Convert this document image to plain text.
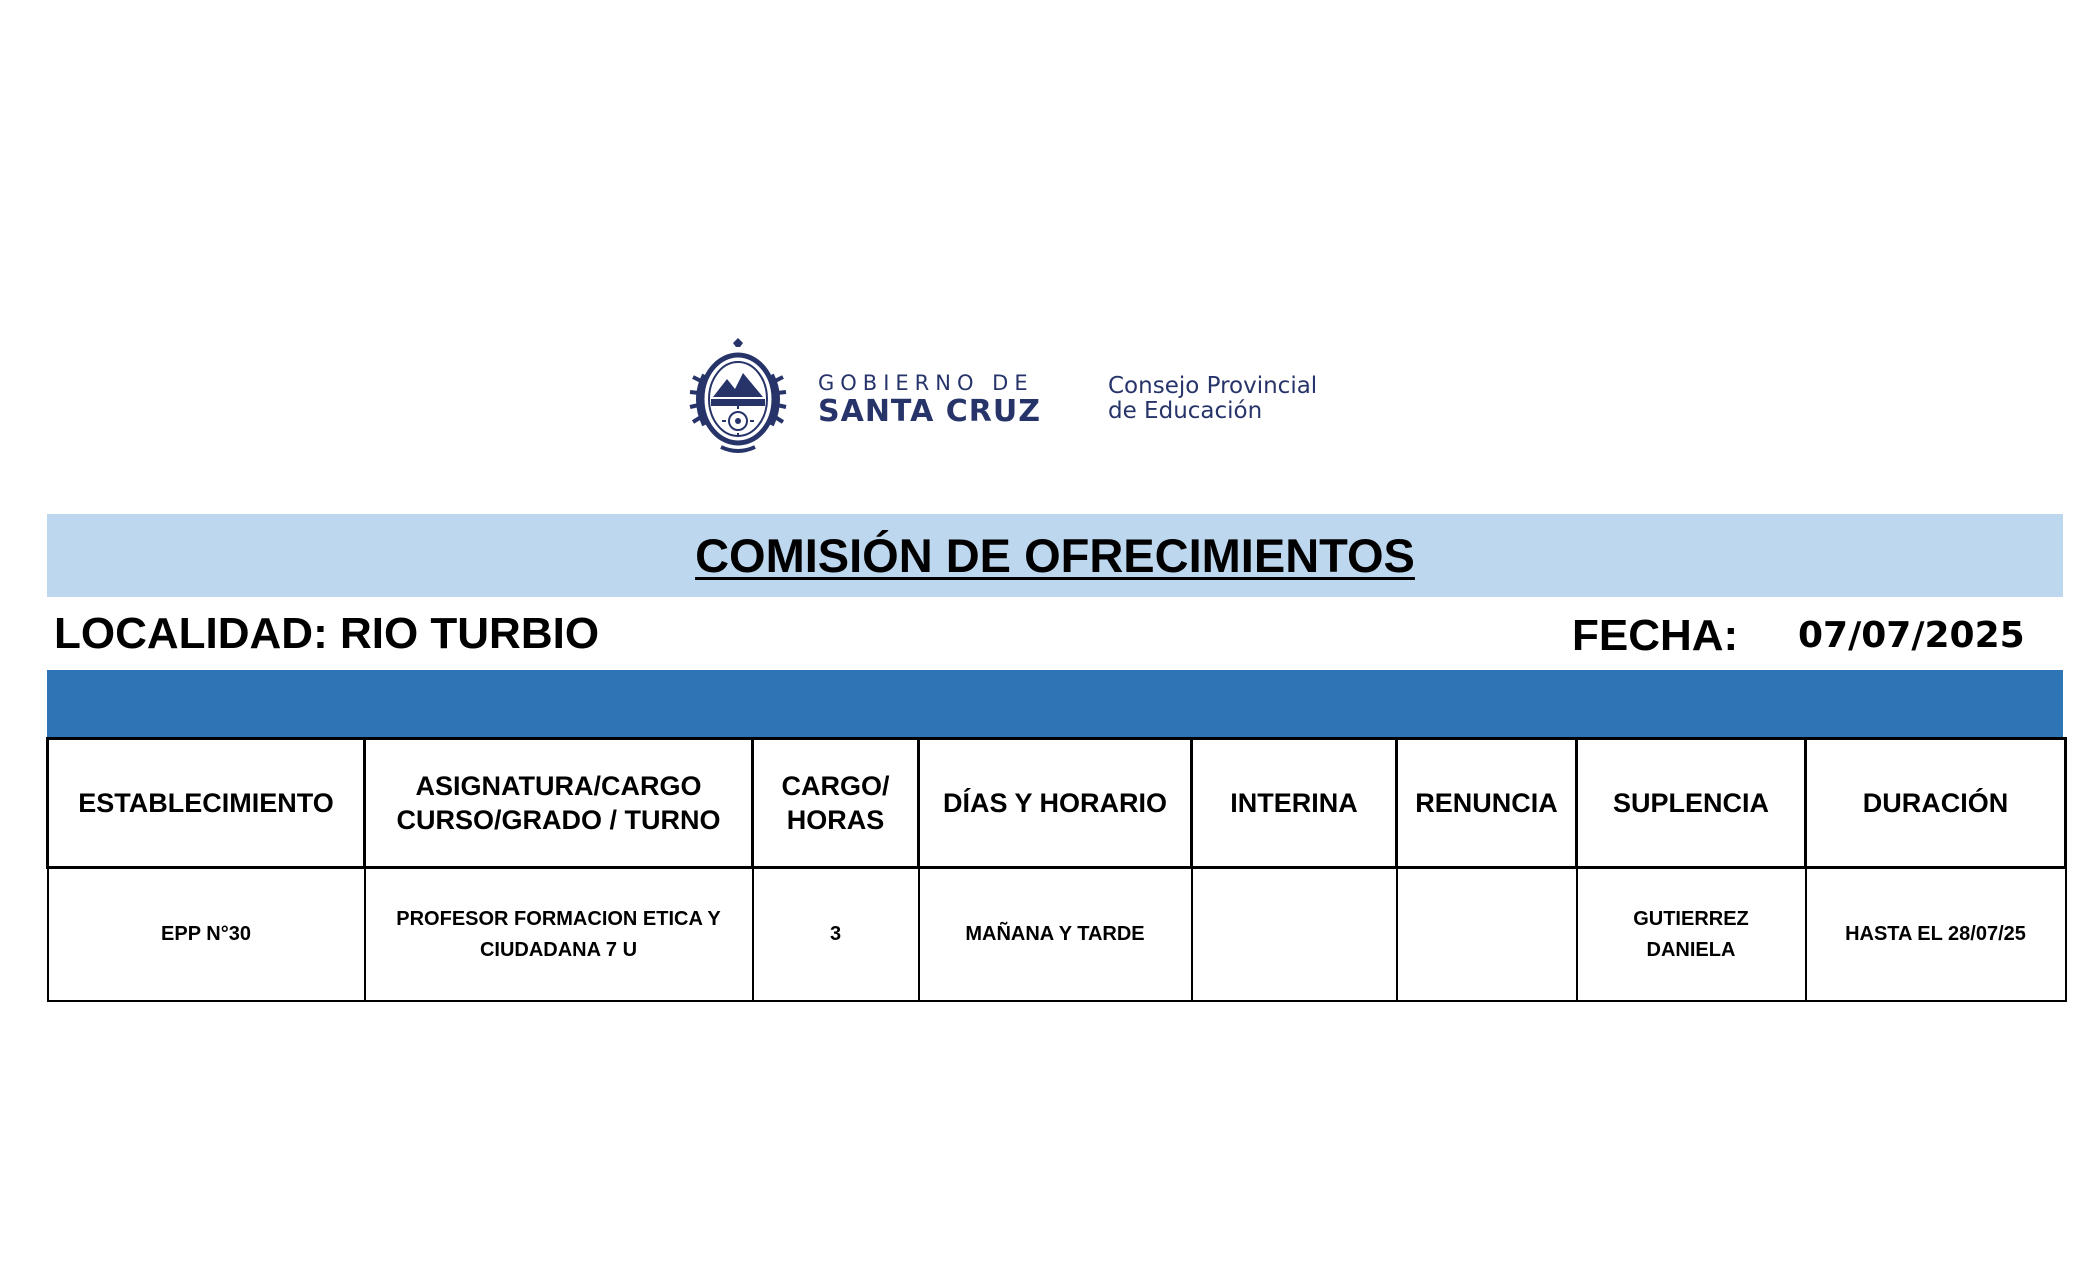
GOBIERNO DE
SANTA CRUZ
Consejo Provincial
de Educación
COMISIÓN DE OFRECIMIENTOS
LOCALIDAD: RIO TURBIO	FECHA: 07/07/2025
ESTABLECIMIENTO	ASIGNATURA/CARGO CURSO/GRADO / TURNO	CARGO/ HORAS	DÍAS Y HORARIO	INTERINA	RENUNCIA	SUPLENCIA	DURACIÓN
EPP N°30	PROFESOR FORMACION ETICA Y CIUDADANA 7 U	3	MAÑANA Y TARDE			GUTIERREZ DANIELA	HASTA EL 28/07/25
